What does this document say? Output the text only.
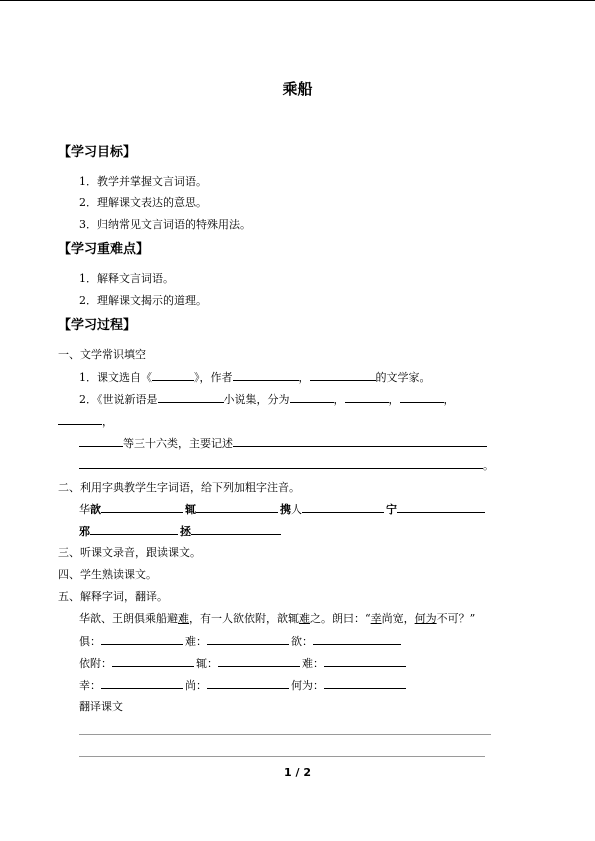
乘船
【学习目标】
1．教学并掌握文言词语。
2．理解课文表达的意思。
3．归纳常见文言词语的特殊用法。
【学习重难点】
1．解释文言词语。
2．理解课文揭示的道理。
【学习过程】
一、文学常识填空
1．课文选自《	》，作者	，	的文学家。
2．《世说新语是	小说集，分为	，	，	，
，
等三十六类，主要记述
。
二、利用字典教学生字词语，给下列加粗字注音。
华歆	辄	携人	宁
邪	拯
三、听课文录音，跟读课文。
四、学生熟读课文。
五、解释字词，翻译。
华歆、王朗俱乘船避难，有一人欲依附，歆辄难之。朗曰：“幸尚宽，何为不可？”
俱：	难：	欲：
依附：	辄：	难：
幸：	尚：	何为：
翻译课文
1 / 2
